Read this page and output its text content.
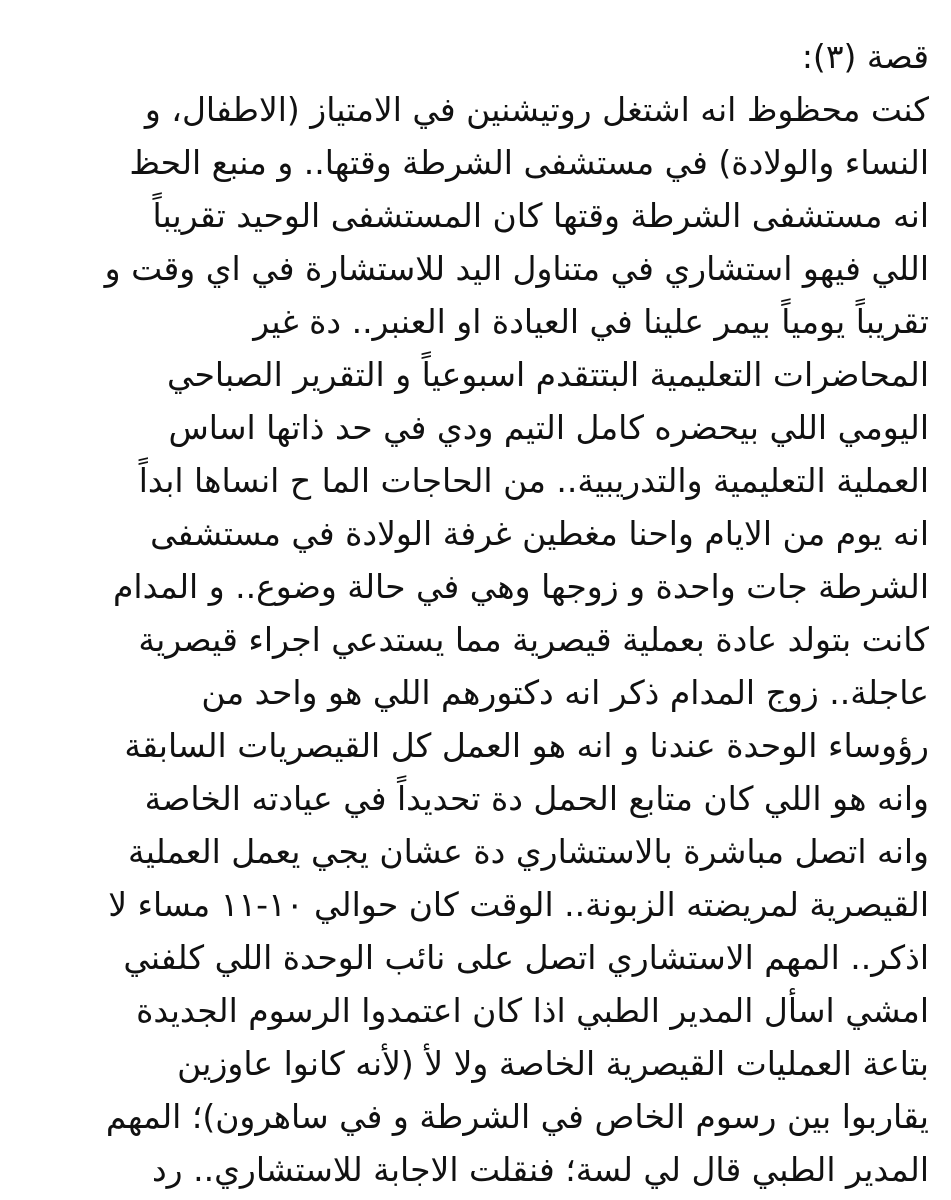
قصة (٣):
كنت محظوظ انه اشتغل روتيشنين في الامتياز (الاطفال، و
النساء والولادة) في مستشفى الشرطة وقتها.. و منبع الحظ
انه مستشفى الشرطة وقتها كان المستشفى الوحيد تقريباً
اللي فيهو استشاري في متناول اليد للاستشارة في اي وقت و
تقريباً يومياً بيمر علينا في العيادة او العنبر.. دة غير
المحاضرات التعليمية البتتقدم اسبوعياً و التقرير الصباحي
اليومي اللي بيحضره كامل التيم ودي في حد ذاتها اساس
العملية التعليمية والتدريبية.. من الحاجات الما ح انساها ابداً
انه يوم من الايام واحنا مغطين غرفة الولادة في مستشفى
الشرطة جات واحدة و زوجها وهي في حالة وضوع.. و المدام
كانت بتولد عادة بعملية قيصرية مما يستدعي اجراء قيصرية
عاجلة.. زوج المدام ذكر انه دكتورهم اللي هو واحد من
رؤوساء الوحدة عندنا و انه هو العمل كل القيصريات السابقة
وانه هو اللي كان متابع الحمل دة تحديداً في عيادته الخاصة
وانه اتصل مباشرة بالاستشاري دة عشان يجي يعمل العملية
القيصرية لمريضته الزبونة.. الوقت كان حوالي ١٠-١١ مساء لا
اذكر.. المهم الاستشاري اتصل على نائب الوحدة اللي كلفني
امشي اسأل المدير الطبي اذا كان اعتمدوا الرسوم الجديدة
بتاعة العمليات القيصرية الخاصة ولا لأ (لأنه كانوا عاوزين
يقاربوا بين رسوم الخاص في الشرطة و في ساهرون)؛ المهم
المدير الطبي قال لي لسة؛ فنقلت الاجابة للاستشاري.. رد
